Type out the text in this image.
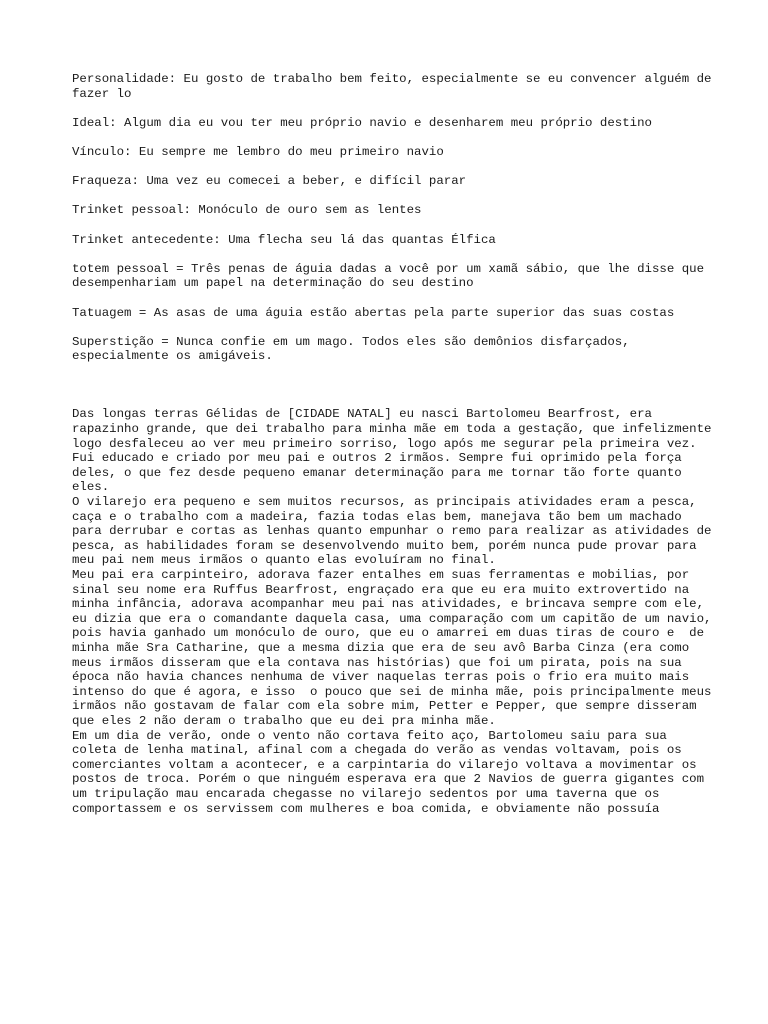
Personalidade: Eu gosto de trabalho bem feito, especialmente se eu convencer alguém de fazer lo

Ideal: Algum dia eu vou ter meu próprio navio e desenharem meu próprio destino

Vínculo: Eu sempre me lembro do meu primeiro navio

Fraqueza: Uma vez eu comecei a beber, e difícil parar

Trinket pessoal: Monóculo de ouro sem as lentes

Trinket antecedente: Uma flecha seu lá das quantas Élfica

totem pessoal = Três penas de águia dadas a você por um xamã sábio, que lhe disse que desempenhariam um papel na determinação do seu destino

Tatuagem = As asas de uma águia estão abertas pela parte superior das suas costas

Superstição = Nunca confie em um mago. Todos eles são demônios disfarçados, especialmente os amigáveis.

Das longas terras Gélidas de [CIDADE NATAL] eu nasci Bartolomeu Bearfrost, era rapazinho grande, que dei trabalho para minha mãe em toda a gestação, que infelizmente logo desfaleceu ao ver meu primeiro sorriso, logo após me segurar pela primeira vez. Fui educado e criado por meu pai e outros 2 irmãos. Sempre fui oprimido pela força deles, o que fez desde pequeno emanar determinação para me tornar tão forte quanto eles.

O vilarejo era pequeno e sem muitos recursos, as principais atividades eram a pesca, caça e o trabalho com a madeira, fazia todas elas bem, manejava tão bem um machado para derrubar e cortas as lenhas quanto empunhar o remo para realizar as atividades de pesca, as habilidades foram se desenvolvendo muito bem, porém nunca pude provar para meu pai nem meus irmãos o quanto elas evoluíram no final.

Meu pai era carpinteiro, adorava fazer entalhes em suas ferramentas e mobilias, por sinal seu nome era Ruffus Bearfrost, engraçado era que eu era muito extrovertido na minha infância, adorava acompanhar meu pai nas atividades, e brincava sempre com ele, eu dizia que era o comandante daquela casa, uma comparação com um capitão de um navio, pois havia ganhado um monóculo de ouro, que eu o amarrei em duas tiras de couro e  de minha mãe Sra Catharine, que a mesma dizia que era de seu avô Barba Cinza (era como meus irmãos disseram que ela contava nas histórias) que foi um pirata, pois na sua época não havia chances nenhuma de viver naquelas terras pois o frio era muito mais intenso do que é agora, e isso  o pouco que sei de minha mãe, pois principalmente meus irmãos não gostavam de falar com ela sobre mim, Petter e Pepper, que sempre disseram que eles 2 não deram o trabalho que eu dei pra minha mãe.

Em um dia de verão, onde o vento não cortava feito aço, Bartolomeu saiu para sua coleta de lenha matinal, afinal com a chegada do verão as vendas voltavam, pois os comerciantes voltam a acontecer, e a carpintaria do vilarejo voltava a movimentar os postos de troca. Porém o que ninguém esperava era que 2 Navios de guerra gigantes com um tripulação mau encarada chegasse no vilarejo sedentos por uma taverna que os comportassem e os servissem com mulheres e boa comida, e obviamente não possuía
